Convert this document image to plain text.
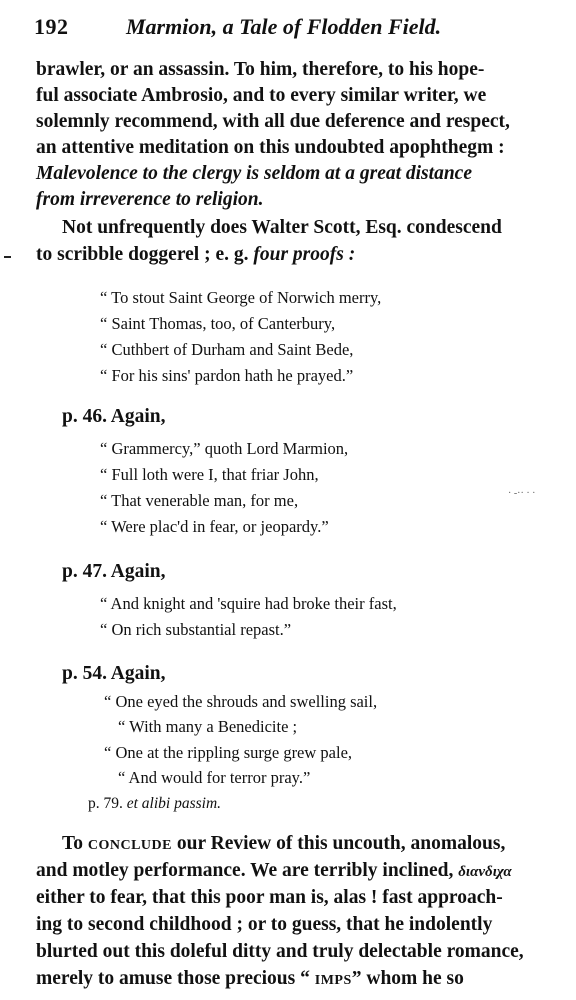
192	Marmion, a Tale of Flodden Field.
brawler, or an assassin. To him, therefore, to his hope-
ful associate Ambrosio, and to every similar writer, we
solemnly recommend, with all due deference and respect,
an attentive meditation on this undoubted apophthegm :
Malevolence to the clergy is seldom at a great distance
from irreverence to religion.
Not unfrequently does Walter Scott, Esq. condescend
to scribble doggerel ; e. g. four proofs :
“ To stout Saint George of Norwich merry,
“ Saint Thomas, too, of Canterbury,
“ Cuthbert of Durham and Saint Bede,
“ For his sins' pardon hath he prayed.”
p. 46. Again,
“ Grammercy,” quoth Lord Marmion,
“ Full loth were I, that friar John,
“ That venerable man, for me,
“ Were plac'd in fear, or jeopardy.”
· -·· · ·
p. 47. Again,
“ And knight and 'squire had broke their fast,
“ On rich substantial repast.”
p. 54. Again,
“ One eyed the shrouds and swelling sail,
“ With many a Benedicite ;
“ One at the rippling surge grew pale,
“ And would for terror pray.”
p. 79. et alibi passim.
To conclude our Review of this uncouth, anomalous,
and motley performance. We are terribly inclined, διανδιχα
either to fear, that this poor man is, alas ! fast approach-
ing to second childhood ; or to guess, that he indolently
blurted out this doleful ditty and truly delectable romance,
merely to amuse those precious “ imps” whom he so
